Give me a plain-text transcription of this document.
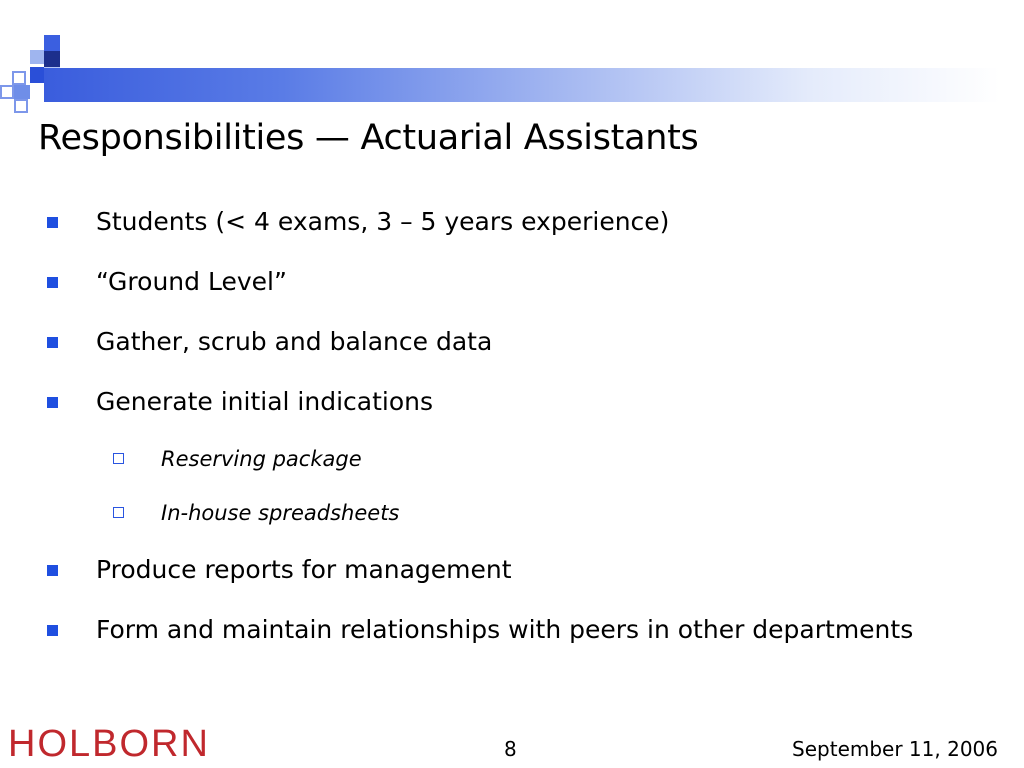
Responsibilities — Actuarial Assistants
Students (< 4 exams, 3 – 5 years experience)
“Ground Level”
Gather, scrub and balance data
Generate initial indications
Reserving package
In-house spreadsheets
Produce reports for management
Form and maintain relationships with peers in other departments
HOLBORN	8	September 11, 2006
